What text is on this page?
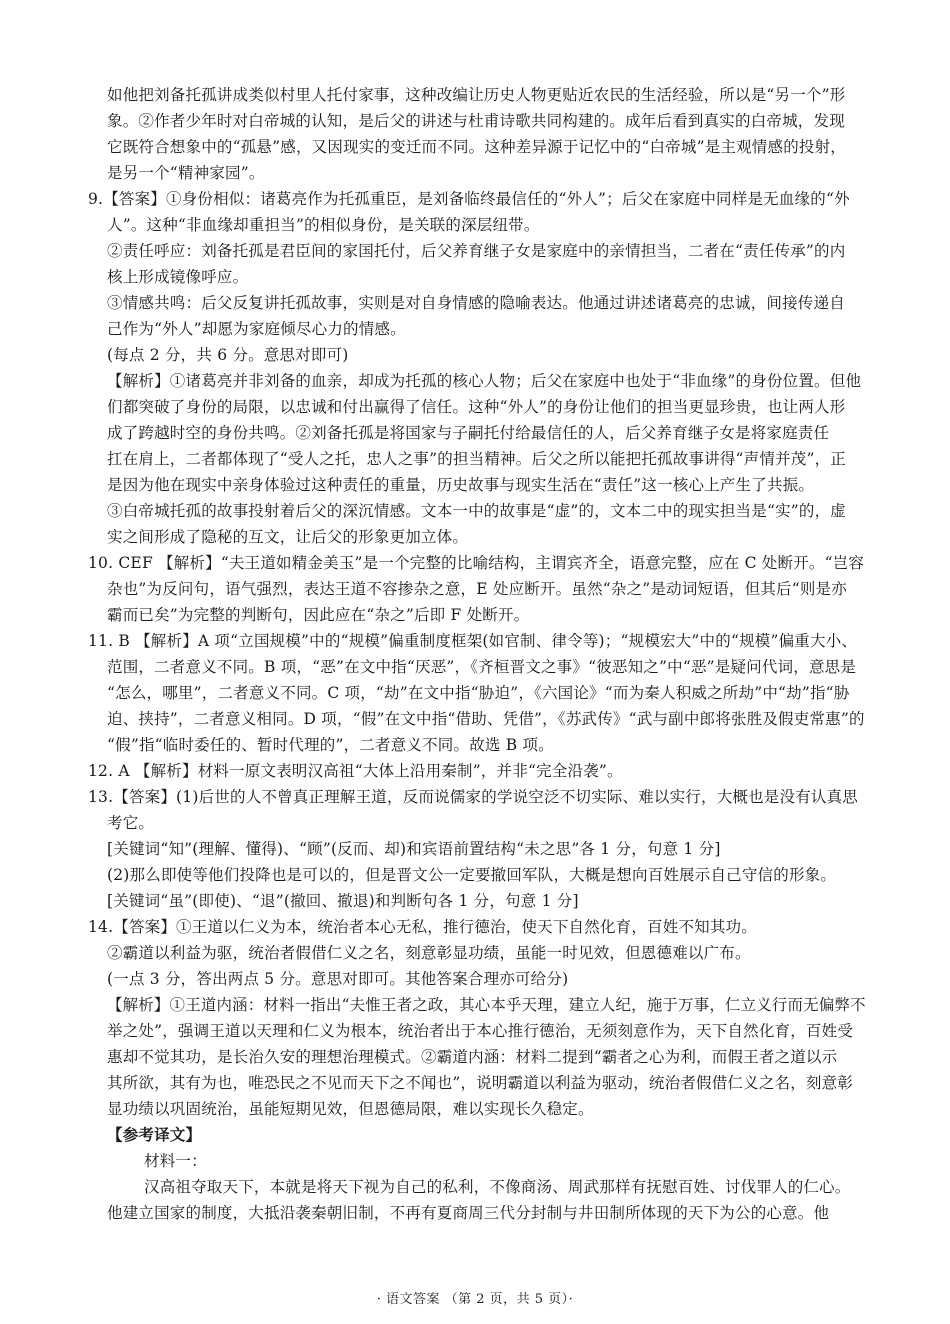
如他把刘备托孤讲成类似村里人托付家事，这种改编让历史人物更贴近农民的生活经验，所以是“另一个”形
象。②作者少年时对白帝城的认知，是后父的讲述与杜甫诗歌共同构建的。成年后看到真实的白帝城，发现
它既符合想象中的“孤悬”感，又因现实的变迁而不同。这种差异源于记忆中的“白帝城”是主观情感的投射，
是另一个“精神家园”。
9.【答案】①身份相似：诸葛亮作为托孤重臣，是刘备临终最信任的“外人”；后父在家庭中同样是无血缘的“外
人”。这种“非血缘却重担当”的相似身份，是关联的深层纽带。
②责任呼应：刘备托孤是君臣间的家国托付，后父养育继子女是家庭中的亲情担当，二者在“责任传承”的内
核上形成镜像呼应。
③情感共鸣：后父反复讲托孤故事，实则是对自身情感的隐喻表达。他通过讲述诸葛亮的忠诚，间接传递自
己作为“外人”却愿为家庭倾尽心力的情感。
(每点 2 分，共 6 分。意思对即可)
【解析】①诸葛亮并非刘备的血亲，却成为托孤的核心人物；后父在家庭中也处于“非血缘”的身份位置。但他
们都突破了身份的局限，以忠诚和付出赢得了信任。这种“外人”的身份让他们的担当更显珍贵，也让两人形
成了跨越时空的身份共鸣。②刘备托孤是将国家与子嗣托付给最信任的人，后父养育继子女是将家庭责任
扛在肩上，二者都体现了“受人之托，忠人之事”的担当精神。后父之所以能把托孤故事讲得“声情并茂”，正
是因为他在现实中亲身体验过这种责任的重量，历史故事与现实生活在“责任”这一核心上产生了共振。
③白帝城托孤的故事投射着后父的深沉情感。文本一中的故事是“虚”的，文本二中的现实担当是“实”的，虚
实之间形成了隐秘的互文，让后父的形象更加立体。
10. CEF 【解析】“夫王道如精金美玉”是一个完整的比喻结构，主谓宾齐全，语意完整，应在 C 处断开。“岂容
杂也”为反问句，语气强烈，表达王道不容掺杂之意，E 处应断开。虽然“杂之”是动词短语，但其后“则是亦
霸而已矣”为完整的判断句，因此应在“杂之”后即 F 处断开。
11. B 【解析】A 项“立国规模”中的“规模”偏重制度框架(如官制、律令等)；“规模宏大”中的“规模”偏重大小、
范围，二者意义不同。B 项，“恶”在文中指“厌恶”，《齐桓晋文之事》“彼恶知之”中“恶”是疑问代词，意思是
“怎么，哪里”，二者意义不同。C 项，“劫”在文中指“胁迫”，《六国论》“而为秦人积威之所劫”中“劫”指“胁
迫、挟持”，二者意义相同。D 项，“假”在文中指“借助、凭借”，《苏武传》“武与副中郎将张胜及假吏常惠”的
“假”指“临时委任的、暂时代理的”，二者意义不同。故选 B 项。
12. A 【解析】材料一原文表明汉高祖“大体上沿用秦制”，并非“完全沿袭”。
13.【答案】(1)后世的人不曾真正理解王道，反而说儒家的学说空泛不切实际、难以实行，大概也是没有认真思
考它。
[关键词“知”(理解、懂得)、“顾”(反而、却)和宾语前置结构“未之思”各 1 分，句意 1 分]
(2)那么即使等他们投降也是可以的，但是晋文公一定要撤回军队，大概是想向百姓展示自己守信的形象。
[关键词“虽”(即使)、“退”(撤回、撤退)和判断句各 1 分，句意 1 分]
14.【答案】①王道以仁义为本，统治者本心无私，推行德治，使天下自然化育，百姓不知其功。
②霸道以利益为驱，统治者假借仁义之名，刻意彰显功绩，虽能一时见效，但恩德难以广布。
(一点 3 分，答出两点 5 分。意思对即可。其他答案合理亦可给分)
【解析】①王道内涵：材料一指出“夫惟王者之政，其心本乎天理，建立人纪，施于万事，仁立义行而无偏弊不
举之处”，强调王道以天理和仁义为根本，统治者出于本心推行德治，无须刻意作为，天下自然化育，百姓受
惠却不觉其功，是长治久安的理想治理模式。②霸道内涵：材料二提到“霸者之心为利，而假王者之道以示
其所欲，其有为也，唯恐民之不见而天下之不闻也”，说明霸道以利益为驱动，统治者假借仁义之名，刻意彰
显功绩以巩固统治，虽能短期见效，但恩德局限，难以实现长久稳定。
【参考译文】
材料一：
汉高祖夺取天下，本就是将天下视为自己的私利，不像商汤、周武那样有抚慰百姓、讨伐罪人的仁心。
他建立国家的制度，大抵沿袭秦朝旧制，不再有夏商周三代分封制与井田制所体现的天下为公的心意。他
· 语文答案 （第 2 页，共 5 页）·
